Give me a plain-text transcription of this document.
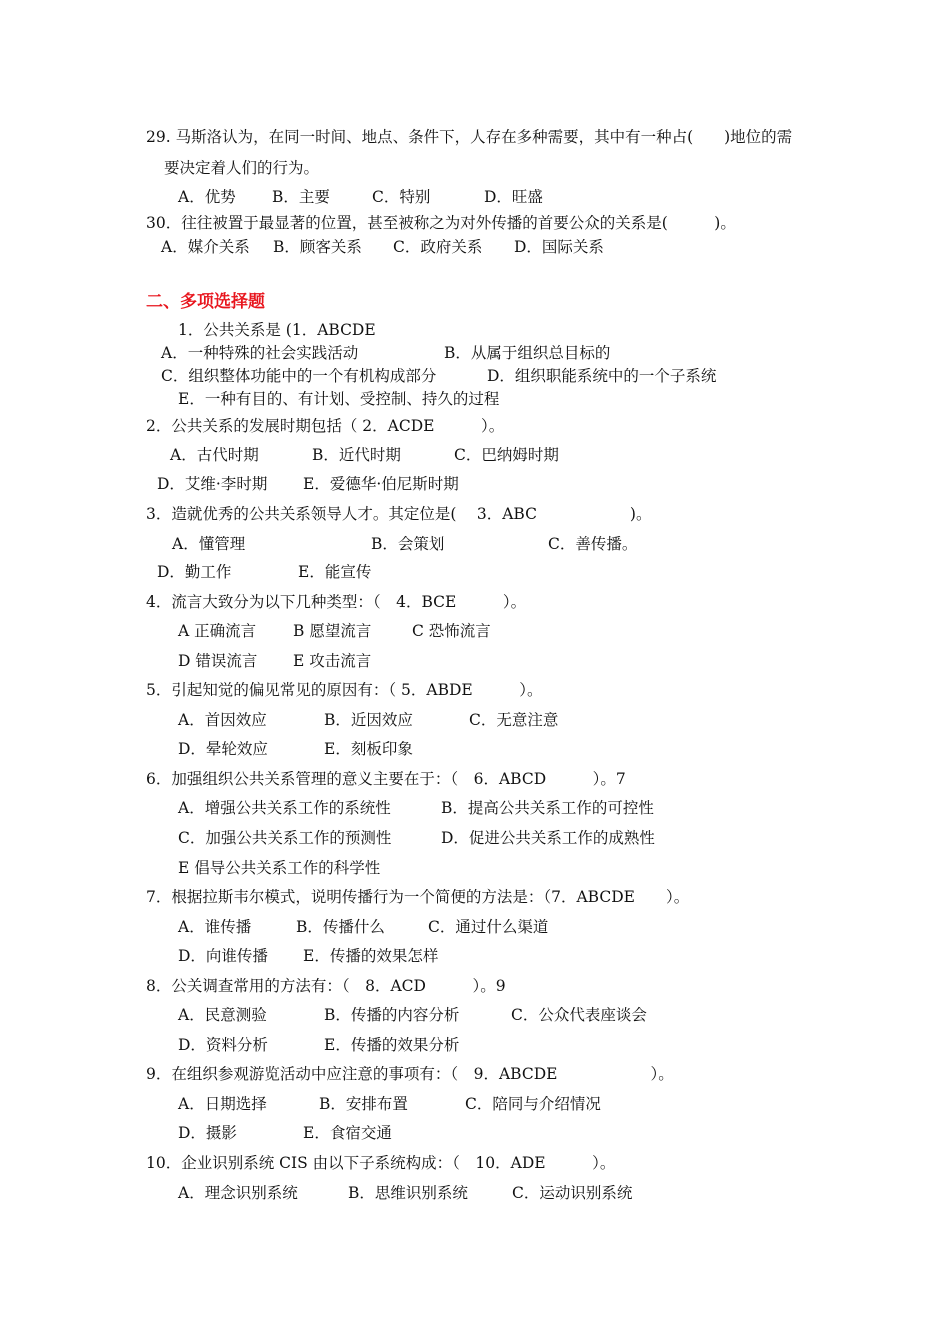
29. 马斯洛认为，在同一时间、地点、条件下，人存在多种需要，其中有一种占(　　)地位的需
要决定着人们的行为。
A．优势 B．主要	C．特别	D．旺盛
30．往往被置于最显著的位置，甚至被称之为对外传播的首要公众的关系是(　　　)。
A．媒介关系 B．顾客关系 C．政府关系 D．国际关系
二、多项选择题
1．公共关系是 (1．ABCDE
A．一种特殊的社会实践活动	B．从属于组织总目标的
C．组织整体功能中的一个有机构成部分	D．组织职能系统中的一个子系统
E．一种有目的、有计划、受控制、持久的过程
2．公共关系的发展时期包括（ 2．ACDE　　　）。
A．古代时期	B．近代时期	C．巴纳姆时期
D．艾维·李时期 E．爱德华·伯尼斯时期
3．造就优秀的公共关系领导人才。其定位是(　 3．ABC　　　　　　)。
A．懂管理	B．会策划	C．善传播。
D．勤工作	E．能宣传
4．流言大致分为以下几种类型：（　4．BCE　　　）。
A 正确流言 B 愿望流言	C 恐怖流言
D 错误流言 E 攻击流言
5．引起知觉的偏见常见的原因有：（ 5．ABDE　　　）。
A．首因效应	B．近因效应	C．无意注意
D．晕轮效应	E．刻板印象
6．加强组织公共关系管理的意义主要在于：（　6．ABCD　　　）。7
A．增强公共关系工作的系统性	B．提高公共关系工作的可控性
C．加强公共关系工作的预测性	D．促进公共关系工作的成熟性
E 倡导公共关系工作的科学性
7．根据拉斯韦尔模式，说明传播行为一个简便的方法是：（7．ABCDE　　）。
A．谁传播	B．传播什么	C．通过什么渠道
D．向谁传播 E．传播的效果怎样
8．公关调查常用的方法有：（　8．ACD　　　）。9
A．民意测验	B．传播的内容分析	C．公众代表座谈会
D．资料分析	E．传播的效果分析
9．在组织参观游览活动中应注意的事项有：（　9．ABCDE　　　　　　）。
A．日期选择	B．安排布置	C．陪同与介绍情况
D．摄影	E．食宿交通
10．企业识别系统 CIS 由以下子系统构成：（　10．ADE　　　）。
A．理念识别系统	B．思维识别系统	C．运动识别系统
